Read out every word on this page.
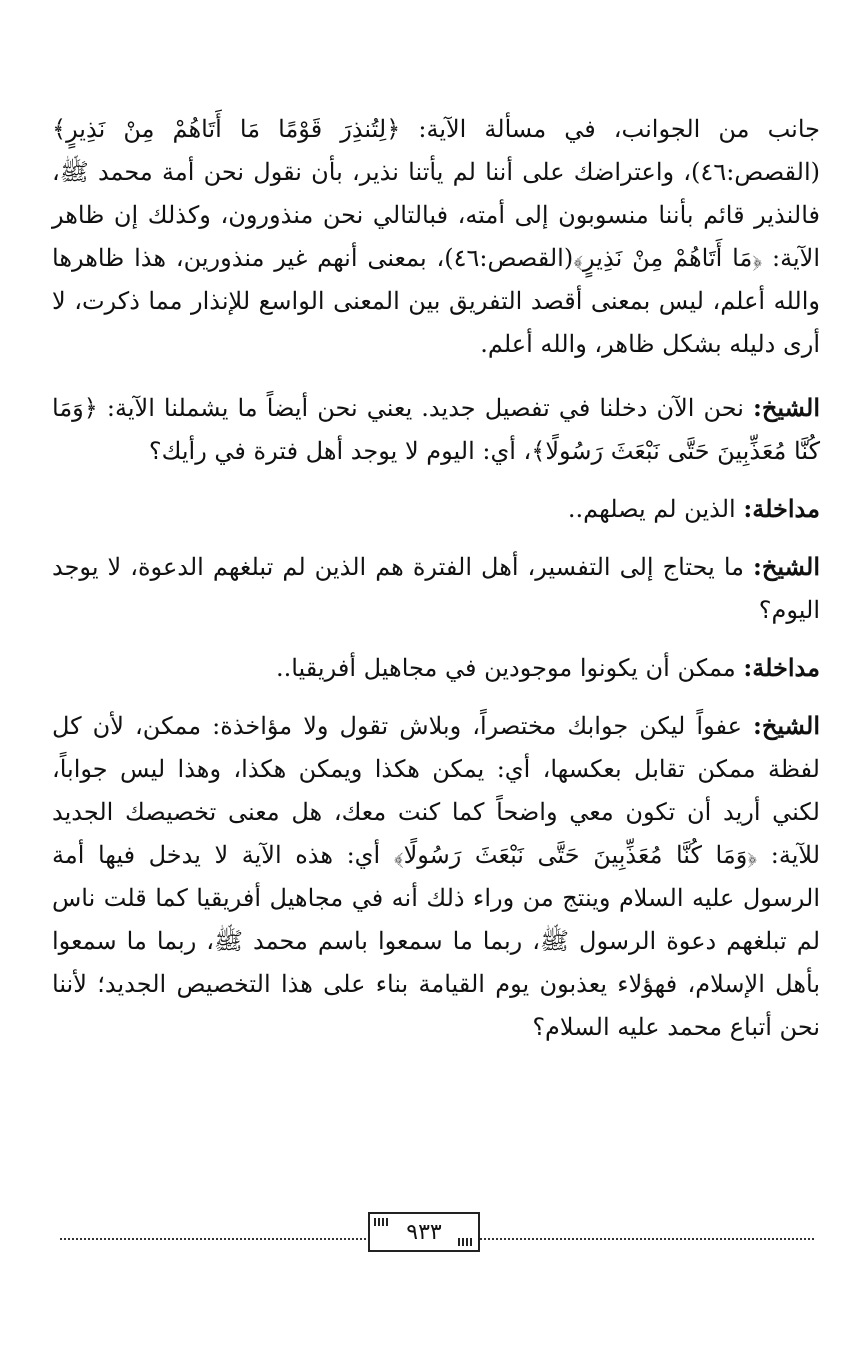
جانب من الجوانب، في مسألة الآية: ﴿لِتُنذِرَ قَوْمًا مَا أَتَاهُمْ مِنْ نَذِيرٍ﴾(القصص:٤٦)، واعتراضك على أننا لم يأتنا نذير، بأن نقول نحن أمة محمد ﷺ، فالنذير قائم بأننا منسوبون إلى أمته، فبالتالي نحن منذورون، وكذلك إن ظاهر الآية: ﴿مَا أَتَاهُمْ مِنْ نَذِيرٍ﴾(القصص:٤٦)، بمعنى أنهم غير منذورين، هذا ظاهرها والله أعلم، ليس بمعنى أقصد التفريق بين المعنى الواسع للإنذار مما ذكرت، لا أرى دليله بشكل ظاهر، والله أعلم.

الشيخ: نحن الآن دخلنا في تفصيل جديد. يعني نحن أيضاً ما يشملنا الآية: ﴿وَمَا كُنَّا مُعَذِّبِينَ حَتَّى نَبْعَثَ رَسُولًا﴾، أي: اليوم لا يوجد أهل فترة في رأيك؟

مداخلة: الذين لم يصلهم..

الشيخ: ما يحتاج إلى التفسير، أهل الفترة هم الذين لم تبلغهم الدعوة، لا يوجد اليوم؟

مداخلة: ممكن أن يكونوا موجودين في مجاهيل أفريقيا..

الشيخ: عفواً ليكن جوابك مختصراً، وبلاش تقول ولا مؤاخذة: ممكن، لأن كل لفظة ممكن تقابل بعكسها، أي: يمكن هكذا ويمكن هكذا، وهذا ليس جواباً، لكني أريد أن تكون معي واضحاً كما كنت معك، هل معنى تخصيصك الجديد للآية: ﴿وَمَا كُنَّا مُعَذِّبِينَ حَتَّى نَبْعَثَ رَسُولًا﴾ أي: هذه الآية لا يدخل فيها أمة الرسول عليه السلام وينتج من وراء ذلك أنه في مجاهيل أفريقيا كما قلت ناس لم تبلغهم دعوة الرسول ﷺ، ربما ما سمعوا باسم محمد ﷺ، ربما ما سمعوا بأهل الإسلام، فهؤلاء يعذبون يوم القيامة بناء على هذا التخصيص الجديد؛ لأننا نحن أتباع محمد عليه السلام؟

٩٣٣
